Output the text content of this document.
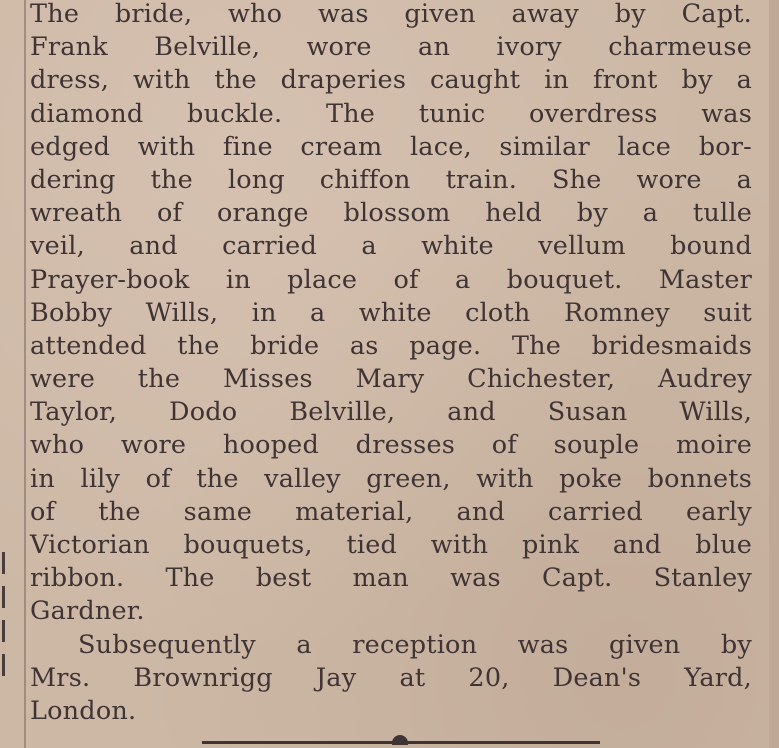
The bride, who was given away by Capt.
Frank Belville, wore an ivory charmeuse
dress, with the draperies caught in front by a
diamond buckle. The tunic overdress was
edged with fine cream lace, similar lace bor-
dering the long chiffon train. She wore a
wreath of orange blossom held by a tulle
veil, and carried a white vellum bound
Prayer-book in place of a bouquet. Master
Bobby Wills, in a white cloth Romney suit
attended the bride as page. The bridesmaids
were the Misses Mary Chichester, Audrey
Taylor, Dodo Belville, and Susan Wills,
who wore hooped dresses of souple moire
in lily of the valley green, with poke bonnets
of the same material, and carried early
Victorian bouquets, tied with pink and blue
ribbon. The best man was Capt. Stanley
Gardner.

Subsequently a reception was given by
Mrs. Brownrigg Jay at 20, Dean's Yard,
London.
